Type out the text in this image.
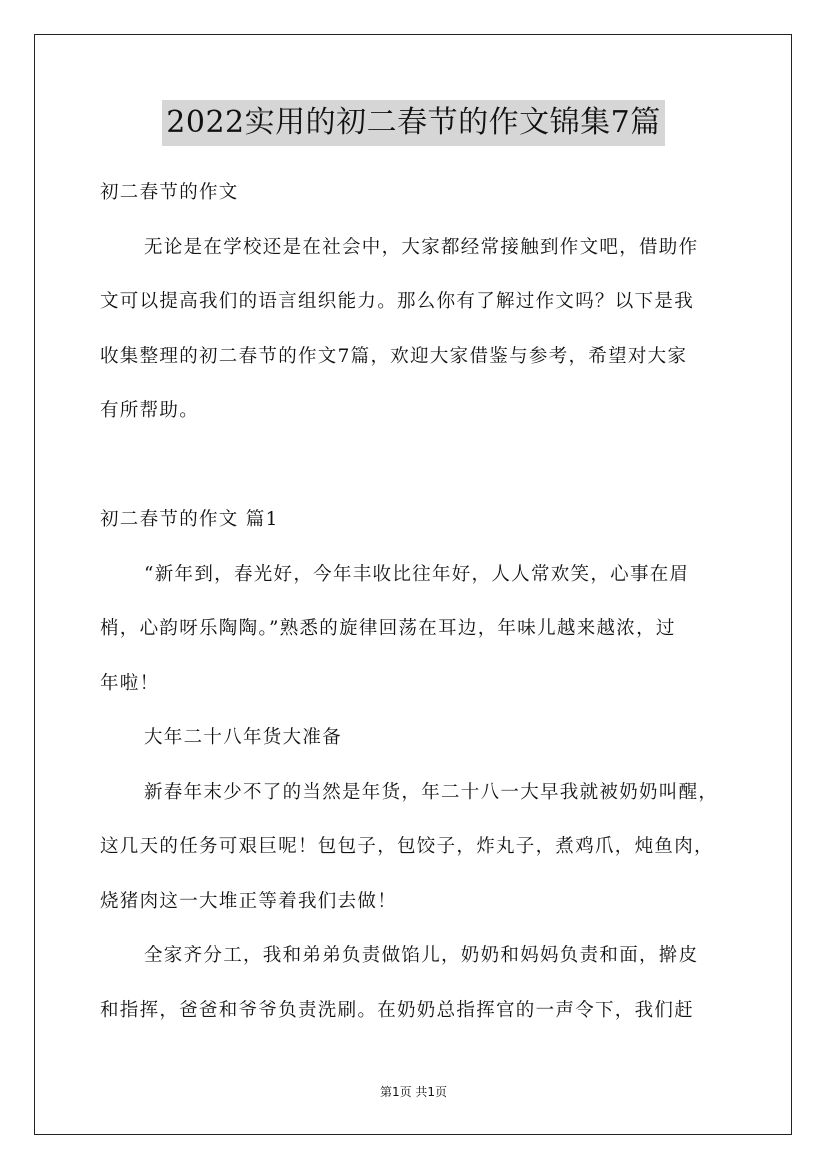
2022实用的初二春节的作文锦集7篇
初二春节的作文
无论是在学校还是在社会中，大家都经常接触到作文吧，借助作
文可以提高我们的语言组织能力。那么你有了解过作文吗？以下是我
收集整理的初二春节的作文7篇，欢迎大家借鉴与参考，希望对大家
有所帮助。
初二春节的作文 篇1
“新年到，春光好，今年丰收比往年好，人人常欢笑，心事在眉
梢，心韵呀乐陶陶。”熟悉的旋律回荡在耳边，年味儿越来越浓，过
年啦！
大年二十八年货大准备
新春年末少不了的当然是年货，年二十八一大早我就被奶奶叫醒，
这几天的任务可艰巨呢！包包子，包饺子，炸丸子，煮鸡爪，炖鱼肉，
烧猪肉这一大堆正等着我们去做！
全家齐分工，我和弟弟负责做馅儿，奶奶和妈妈负责和面，擀皮
和指挥，爸爸和爷爷负责洗刷。在奶奶总指挥官的一声令下，我们赶
第1页 共1页
